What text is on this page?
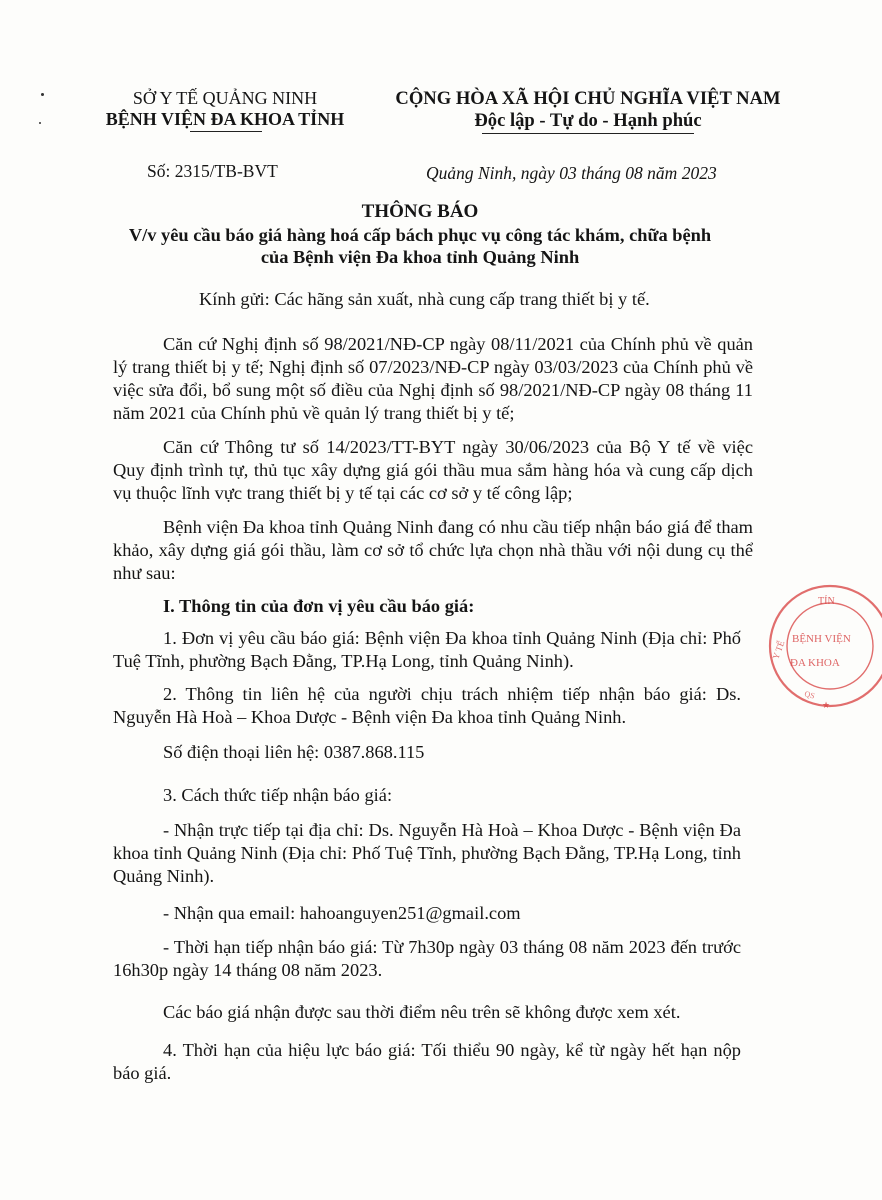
SỞ Y TẾ QUẢNG NINH
BỆNH VIỆN ĐA KHOA TỈNH
Số: 2315/TB-BVT
CỘNG HÒA XÃ HỘI CHỦ NGHĨA VIỆT NAM
Độc lập - Tự do - Hạnh phúc
Quảng Ninh, ngày 03 tháng 08 năm 2023
THÔNG BÁO
V/v yêu cầu báo giá hàng hoá cấp bách phục vụ công tác khám, chữa bệnh
của Bệnh viện Đa khoa tỉnh Quảng Ninh
Kính gửi: Các hãng sản xuất, nhà cung cấp trang thiết bị y tế.
Căn cứ Nghị định số 98/2021/NĐ-CP ngày 08/11/2021 của Chính phủ về quản lý trang thiết bị y tế; Nghị định số 07/2023/NĐ-CP ngày 03/03/2023 của Chính phủ về việc sửa đổi, bổ sung một số điều của Nghị định số 98/2021/NĐ-CP ngày 08 tháng 11 năm 2021 của Chính phủ về quản lý trang thiết bị y tế;
Căn cứ Thông tư số 14/2023/TT-BYT ngày 30/06/2023 của Bộ Y tế về việc Quy định trình tự, thủ tục xây dựng giá gói thầu mua sắm hàng hóa và cung cấp dịch vụ thuộc lĩnh vực trang thiết bị y tế tại các cơ sở y tế công lập;
Bệnh viện Đa khoa tỉnh Quảng Ninh đang có nhu cầu tiếp nhận báo giá để tham khảo, xây dựng giá gói thầu, làm cơ sở tổ chức lựa chọn nhà thầu với nội dung cụ thể như sau:
I. Thông tin của đơn vị yêu cầu báo giá:
1. Đơn vị yêu cầu báo giá: Bệnh viện Đa khoa tỉnh Quảng Ninh (Địa chỉ: Phố Tuệ Tĩnh, phường Bạch Đằng, TP.Hạ Long, tỉnh Quảng Ninh).
2. Thông tin liên hệ của người chịu trách nhiệm tiếp nhận báo giá: Ds. Nguyễn Hà Hoà – Khoa Dược - Bệnh viện Đa khoa tỉnh Quảng Ninh.
Số điện thoại liên hệ: 0387.868.115
3. Cách thức tiếp nhận báo giá:
- Nhận trực tiếp tại địa chỉ: Ds. Nguyễn Hà Hoà – Khoa Dược - Bệnh viện Đa khoa tỉnh Quảng Ninh (Địa chỉ: Phố Tuệ Tĩnh, phường Bạch Đằng, TP.Hạ Long, tỉnh Quảng Ninh).
- Nhận qua email: hahoanguyen251@gmail.com
- Thời hạn tiếp nhận báo giá: Từ 7h30p ngày 03 tháng 08 năm 2023 đến trước 16h30p ngày 14 tháng 08 năm 2023.
Các báo giá nhận được sau thời điểm nêu trên sẽ không được xem xét.
4. Thời hạn của hiệu lực báo giá: Tối thiểu 90 ngày, kể từ ngày hết hạn nộp báo giá.
TỈN
Y TẾ
BỆNH VIỆN
ĐA KHOA
QS
★
